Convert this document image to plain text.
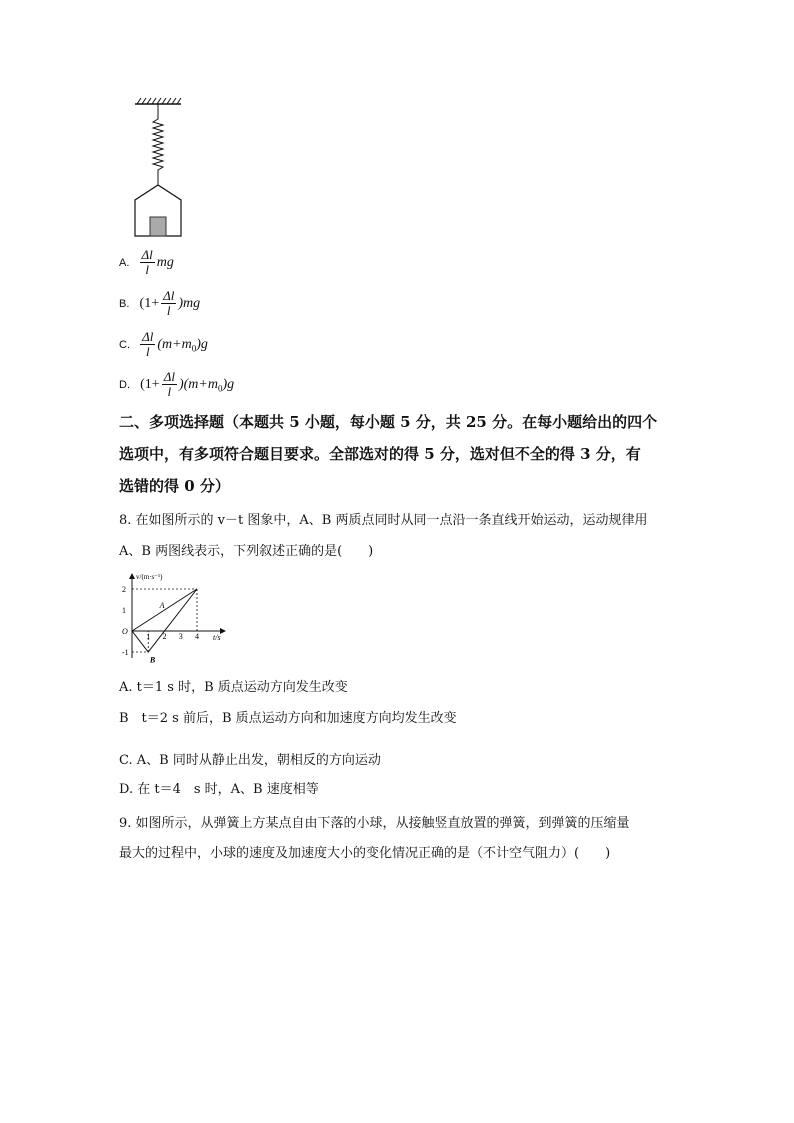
A. $\frac{\Delta l}{l}$ mg
B. $(1+ \frac{\Delta l}{l} )mg$
C. $\frac{\Delta l}{l} (m+m_0)g$
D. $(1+ \frac{\Delta l}{l} )(m+m_0)g$
二、多项选择题（本题共 5 小题，每小题 5 分，共 25 分。在每小题给出的四个
选项中，有多项符合题目要求。全部选对的得 5 分，选对但不全的得 3 分，有
选错的得 0 分）
8. 在如图所示的 v－t 图象中，A、B 两质点同时从同一点沿一条直线开始运动，运动规律用
A、B 两图线表示，下列叙述正确的是(　　)
v/(m·s⁻¹)
t/s
A
B
1 2 3 4
2
1
O
-1
A. t＝1 s 时，B 质点运动方向发生改变
B　t＝2 s 前后，B 质点运动方向和加速度方向均发生改变
C. A、B 同时从静止出发，朝相反的方向运动
D. 在 t＝4　s 时，A、B 速度相等
9. 如图所示，从弹簧上方某点自由下落的小球，从接触竖直放置的弹簧，到弹簧的压缩量
最大的过程中，小球的速度及加速度大小的变化情况正确的是（不计空气阻力）(　　)
